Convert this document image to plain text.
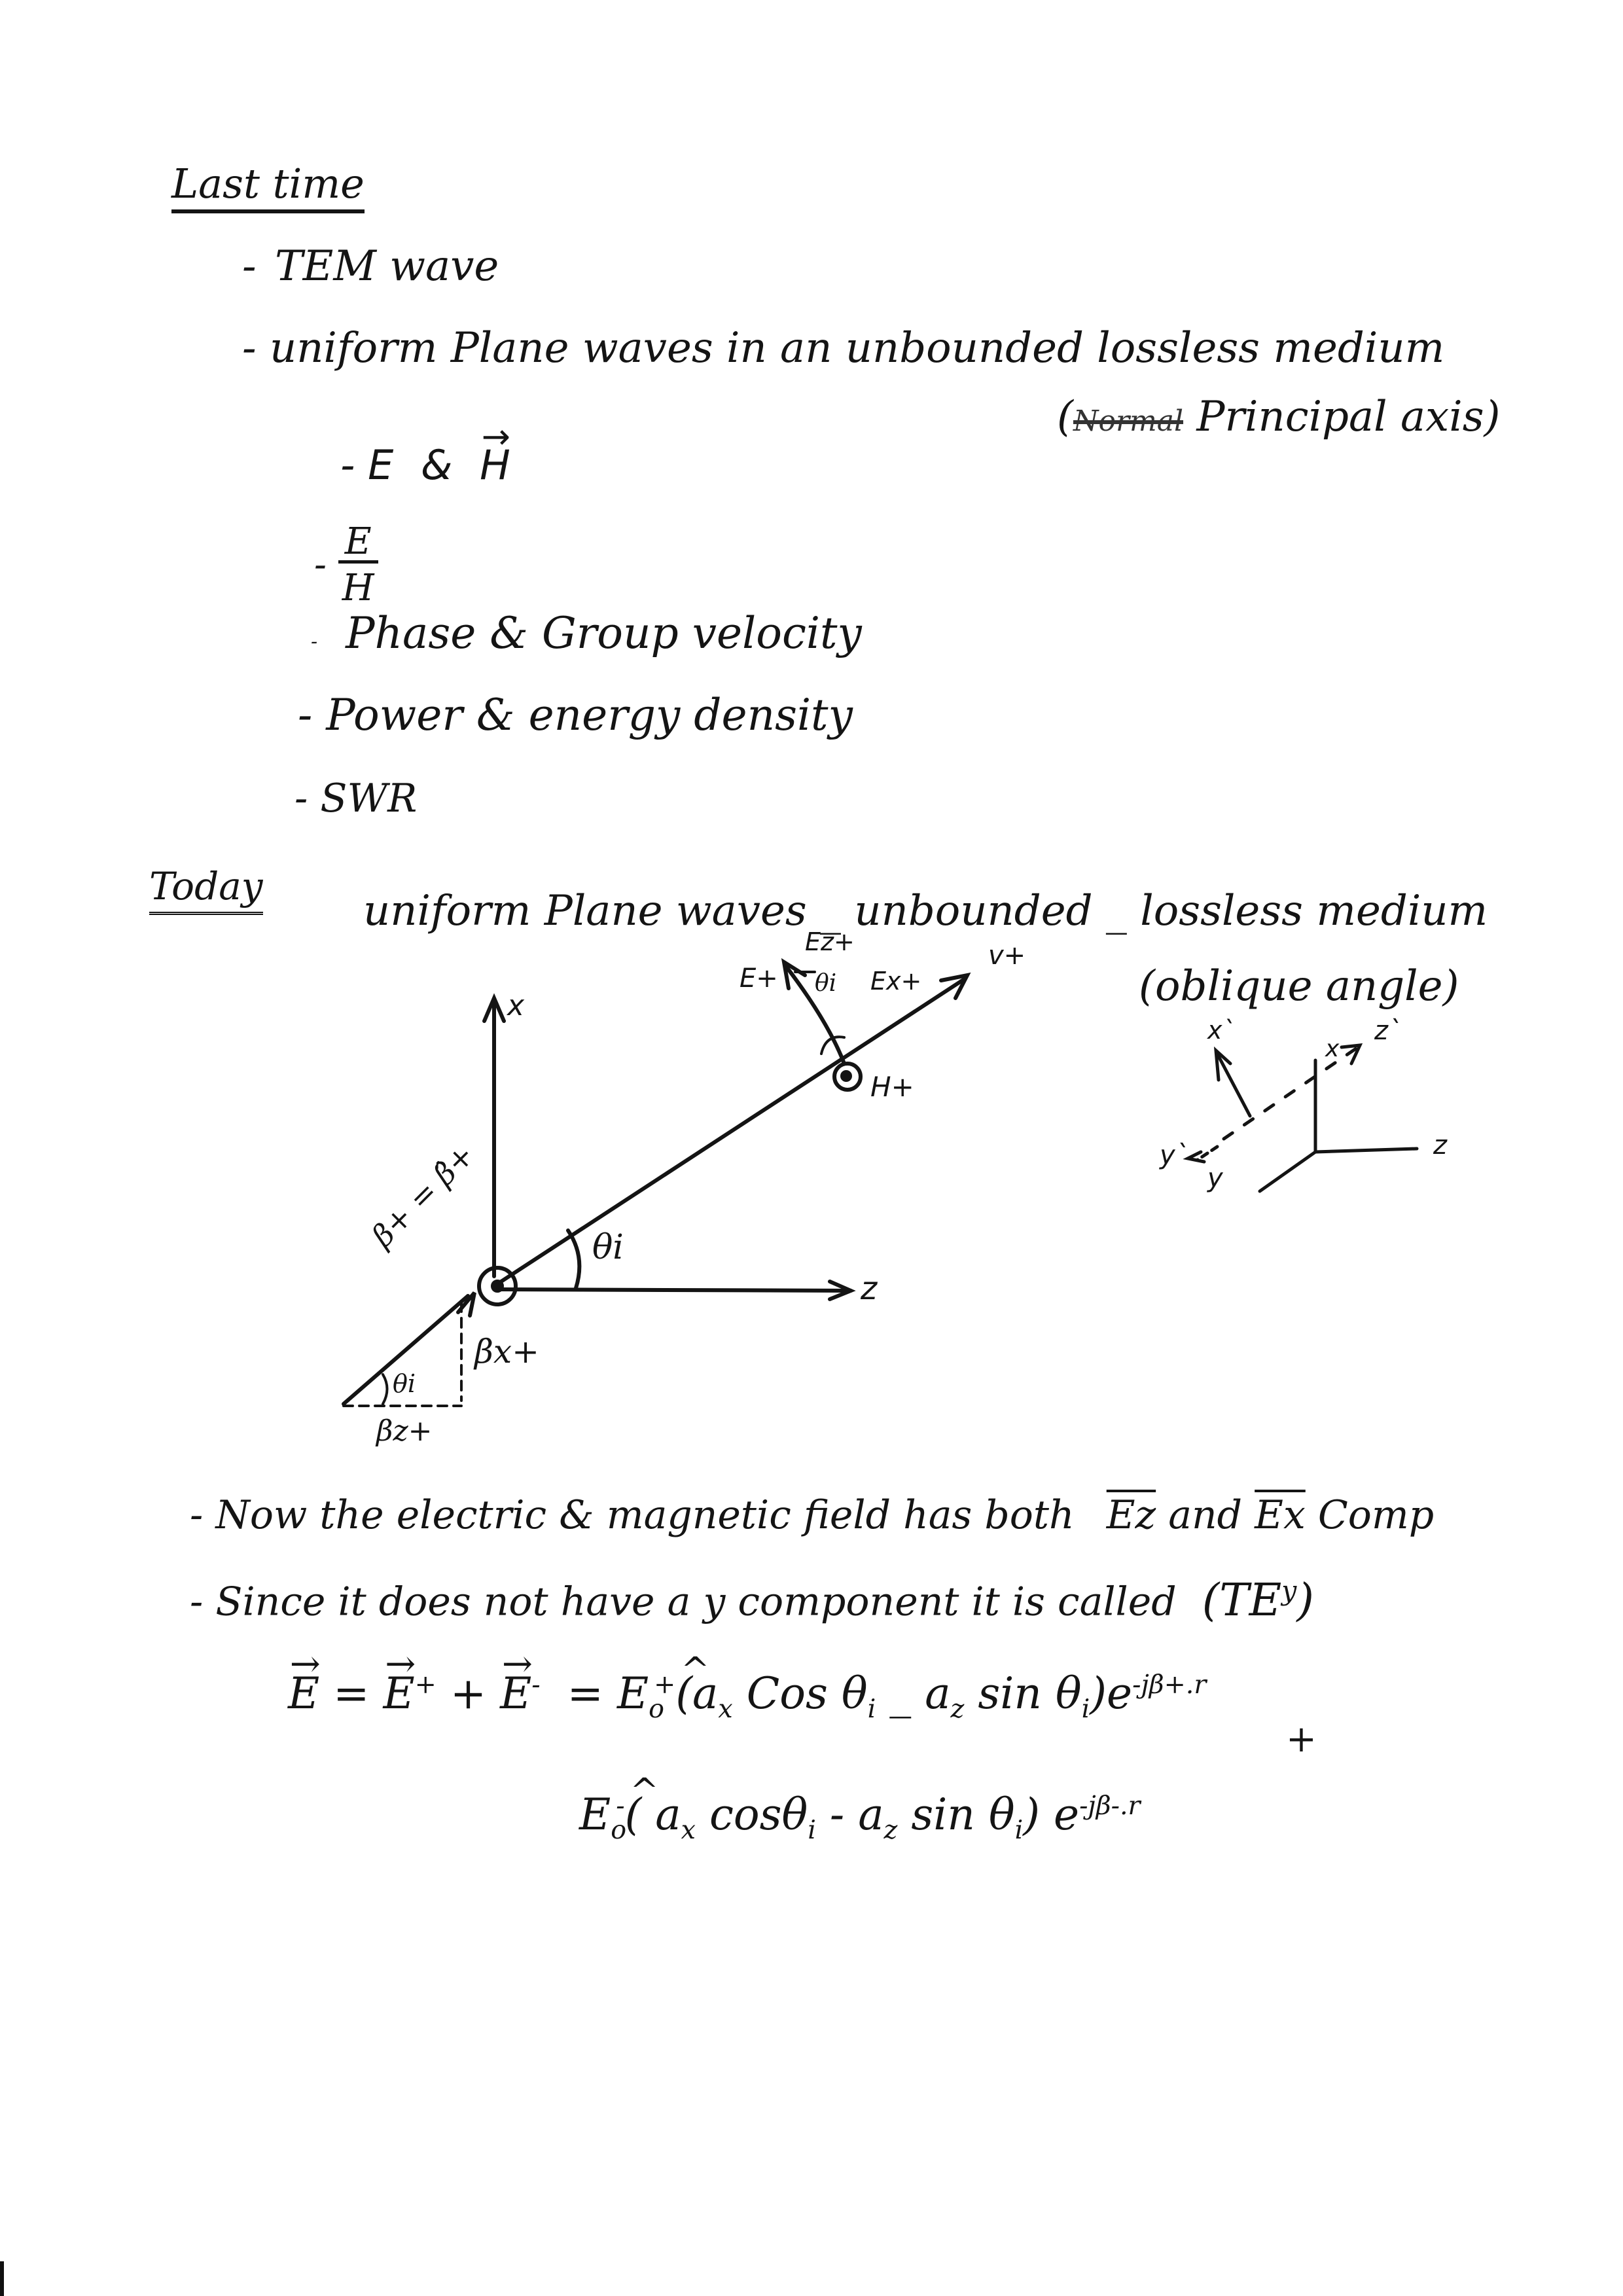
Last time
- TEM wave
- uniform Plane waves in an unbounded lossless medium
(Normal Principal axis)
- E & → H
- $\frac{E}{H}$
- Phase & Group velocity
- Power & energy density
- SWR
Today
uniform Plane waves _ unbounded _ lossless medium
(oblique angle)
x
z
θi
v+
H+
E+
Ez+
Ex+
θi
β+ = β̂+
βx+
βz+
θi
x
x`
z
z`
y
y`
- Now the electric & magnetic field has both $\overline{Ez}$ and $\overline{Ex}$ Comp
- Since it does not have a y component it is called $(TE^y)$
→ E = → E+ + → $E^- = E_o^+\^{}$ ($a_x$ Cos $\theta_i$ _ $a_z$ $\sin \theta_i)e^{-j\beta+.r}$
+
$E_o^-\^{}$ ( $a_x$ $\cos\theta_i - a_z$ $\sin \theta_i$) $e^{-j\beta-.r}$
